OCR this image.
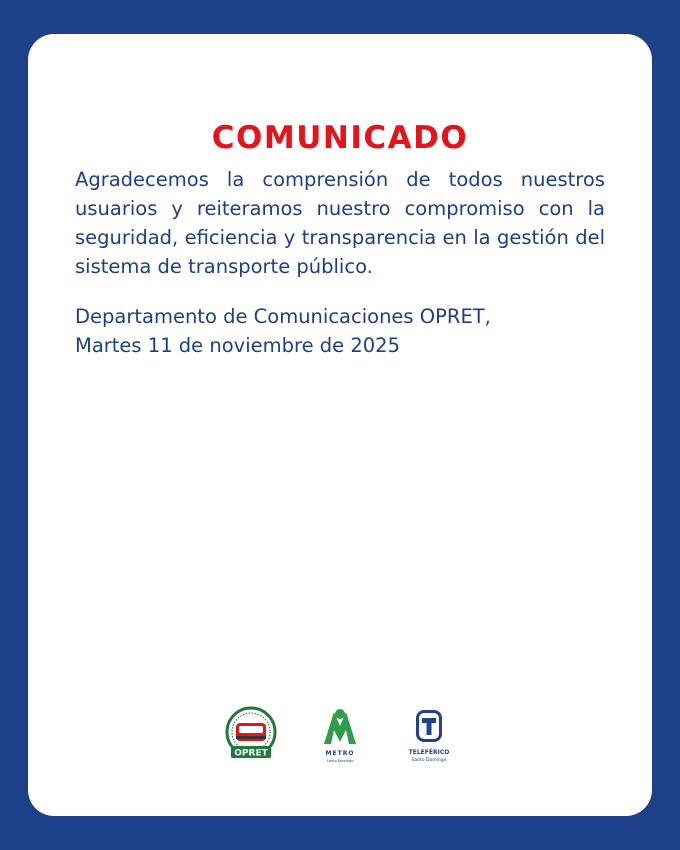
COMUNICADO

Agradecemos la comprensión de todos nuestros usuarios y reiteramos nuestro compromiso con la seguridad, eficiencia y transparencia en la gestión del sistema de transporte público.

Departamento de Comunicaciones OPRET,
Martes 11 de noviembre de 2025

OPRET	METRO
Santo Domingo
TELEFÉRICO
Santo Domingo
